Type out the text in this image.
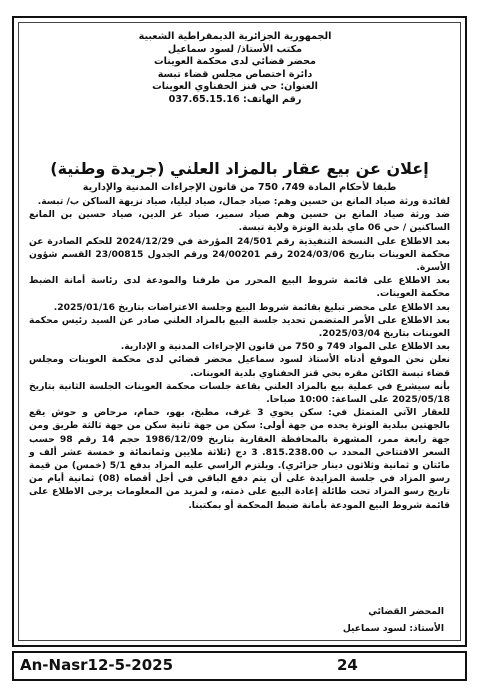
الجمهورية الجزائرية الديمقراطية الشعبية
مكتب الأستاذ/ لسود سماعيل
محضر قضائي لدى محكمة العوينات
دائرة اختصاص مجلس قضاء تبسة
العنوان: حي قنز الحفناوي العوينات
رقم الهاتف: 037.65.15.16
إعلان عن بيع عقار بالمزاد العلني (جريدة وطنية)
طبقا لأحكام المادة 749، 750 من قانون الإجراءات المدنية والإدارية

لفائدة ورثة صياد المانع بن حسين وهم: صياد جمال، صياد ليليا، صياد نزيهة الساكن ب/ تبسة.

ضد ورثة صياد المانع بن حسين وهم صياد سمير، صياد عز الدين، صياد حسين بن المانع الساكنين / حي 06 ماي بلدية الونزة ولاية تبسة.

بعد الاطلاع على النسخة التنفيذية رقم 24/501 المؤرخة في 2024/12/29 للحكم الصادرة عن محكمة العوينات بتاريخ 2024/03/06 رقم 24/00201 ورقم الجدول 23/00815 القسم شؤون الأسرة.

بعد الاطلاع على قائمة شروط البيع المحرر من طرفنا والمودعة لدى رئاسة أمانة الضبط محكمة العوينات.

بعد الاطلاع على محضر تبليغ بقائمة شروط البيع وجلسة الاعتراضات بتاريخ 2025/01/16.

بعد الاطلاع على الأمر المتضمن تحديد جلسة البيع بالمزاد العلني صادر عن السيد رئيس محكمة العوينات بتاريخ 2025/03/04.

بعد الاطلاع على المواد 749 و 750 من قانون الإجراءات المدنية و الإدارية.

نعلن نحن الموقع أدناه الأستاذ لسود سماعيل محضر قضائي لدى محكمة العوينات ومجلس قضاء تبسة الكائن مقره بحي قنز الحفناوي بلدية العوينات.

بأنه سيشرع في عملية بيع بالمزاد العلني بقاعة جلسات محكمة العوينات الجلسة الثانية بتاريخ 2025/05/18 على الساعة: 10:00 صباحا.

للعقار الآتي المتمثل في: سكن يحوي 3 غرف، مطبخ، بهو، حمام، مرحاض و حوش يقع بالجهتين ببلدية الونزة يحده من جهة أولى: سكن من جهة ثانية سكن من جهة ثالثة طريق ومن جهة رابعة ممر، المشهرة بالمحافظة العقارية بتاريخ 1986/12/09 حجم 14 رقم 98 حسب السعر الافتتاحي المحدد ب 815.238.00. 3 دج (ثلاثة ملايين وثمانمائة و خمسة عشر ألف و مائتان و ثمانية وثلاثون دينار جزائري). ويلتزم الراسي عليه المزاد بدفع 5/1 (خمس) من قيمة رسو المزاد في جلسة المزايدة على أن يتم دفع الباقي في أجل أقصاه (08) ثمانية أيام من تاريخ رسو المزاد تحت طائلة إعادة البيع على ذمته، و لمزيد من المعلومات يرجى الاطلاع على قائمة شروط البيع المودعة بأمانة ضبط المحكمة أو بمكتبنا.

المحضر القضائي
الأستاذ: لسود سماعيل
An-Nasr12-5-2025	24
